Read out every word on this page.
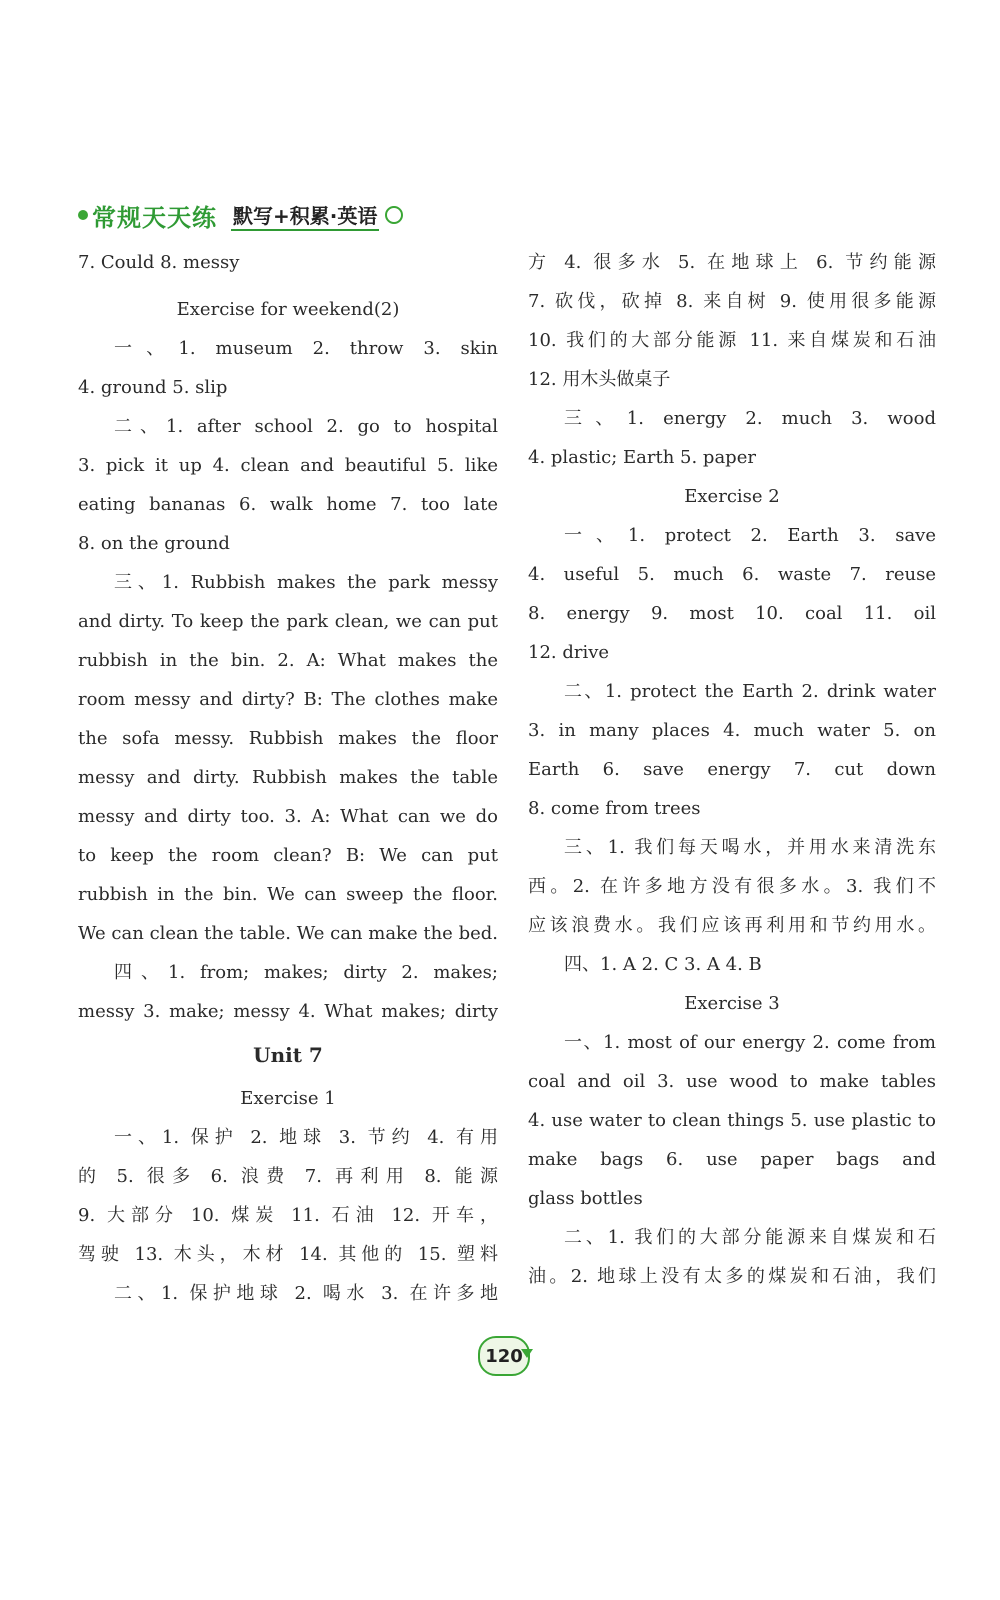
常规天天练 默写+积累·英语
7. Could 8. messy
Exercise for weekend(2)
一、1. museum 2. throw 3. skin
4. ground 5. slip
二、1. after school 2. go to hospital
3. pick it up 4. clean and beautiful 5. like
eating bananas 6. walk home 7. too late
8. on the ground
三、1. Rubbish makes the park messy
and dirty. To keep the park clean, we can put
rubbish in the bin. 2. A: What makes the
room messy and dirty? B: The clothes make
the sofa messy. Rubbish makes the floor
messy and dirty. Rubbish makes the table
messy and dirty too. 3. A: What can we do
to keep the room clean? B: We can put
rubbish in the bin. We can sweep the floor.
We can clean the table. We can make the bed.
四、1. from; makes; dirty 2. makes;
messy 3. make; messy 4. What makes; dirty
Unit 7
Exercise 1
一、1. 保护 2. 地球 3. 节约 4. 有用
的 5. 很多 6. 浪费 7. 再利用 8. 能源
9. 大部分 10. 煤炭 11. 石油 12. 开车，
驾驶 13. 木头，木材 14. 其他的 15. 塑料
二、1. 保护地球 2. 喝水 3. 在许多地
方 4. 很多水 5. 在地球上 6. 节约能源
7. 砍伐，砍掉 8. 来自树 9. 使用很多能源
10. 我们的大部分能源 11. 来自煤炭和石油
12. 用木头做桌子
三、1. energy 2. much 3. wood
4. plastic; Earth 5. paper
Exercise 2
一、1. protect 2. Earth 3. save
4. useful 5. much 6. waste 7. reuse
8. energy 9. most 10. coal 11. oil
12. drive
二、1. protect the Earth 2. drink water
3. in many places 4. much water 5. on
Earth 6. save energy 7. cut down
8. come from trees
三、1. 我们每天喝水，并用水来清洗东
西。2. 在许多地方没有很多水。3. 我们不
应该浪费水。我们应该再利用和节约用水。
四、1. A 2. C 3. A 4. B
Exercise 3
一、1. most of our energy 2. come from
coal and oil 3. use wood to make tables
4. use water to clean things 5. use plastic to
make bags 6. use paper bags and
glass bottles
二、1. 我们的大部分能源来自煤炭和石
油。2. 地球上没有太多的煤炭和石油，我们
120
